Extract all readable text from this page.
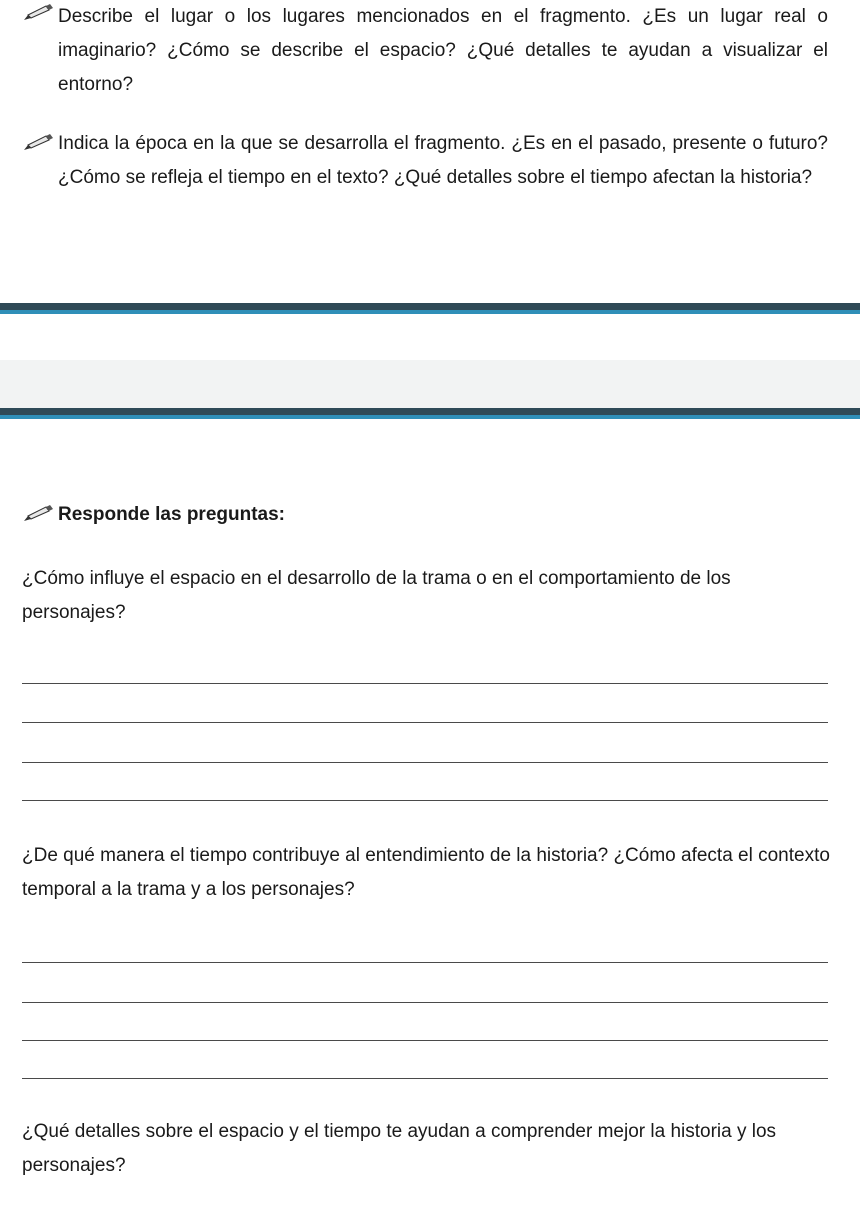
Describe el lugar o los lugares mencionados en el fragmento. ¿Es un lugar real o imaginario? ¿Cómo se describe el espacio? ¿Qué detalles te ayudan a visualizar el entorno?

Indica la época en la que se desarrolla el fragmento. ¿Es en el pasado, presente o futuro? ¿Cómo se refleja el tiempo en el texto? ¿Qué detalles sobre el tiempo afectan la historia?

Responde las preguntas:

¿Cómo influye el espacio en el desarrollo de la trama o en el comportamiento de los personajes?

¿De qué manera el tiempo contribuye al entendimiento de la historia? ¿Cómo afecta el contexto temporal a la trama y a los personajes?

¿Qué detalles sobre el espacio y el tiempo te ayudan a comprender mejor la historia y los personajes?
